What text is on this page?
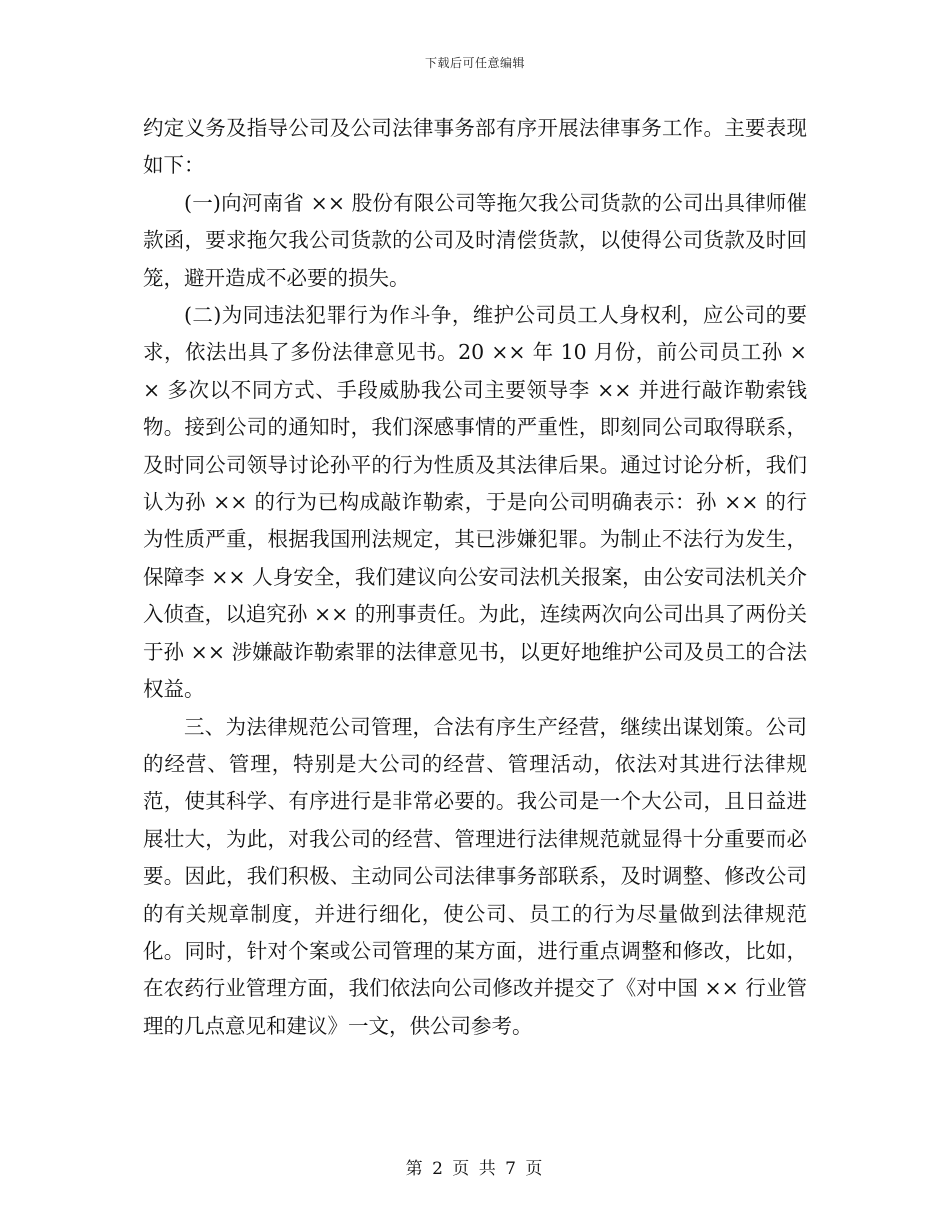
下载后可任意编辑

约定义务及指导公司及公司法律事务部有序开展法律事务工作。主要表现如下：

(一)向河南省 ×× 股份有限公司等拖欠我公司货款的公司出具律师催款函，要求拖欠我公司货款的公司及时清偿货款，以使得公司货款及时回笼，避开造成不必要的损失。

(二)为同违法犯罪行为作斗争，维护公司员工人身权利，应公司的要求，依法出具了多份法律意见书。20 ×× 年 10 月份，前公司员工孙 ×× 多次以不同方式、手段威胁我公司主要领导李 ×× 并进行敲诈勒索钱物。接到公司的通知时，我们深感事情的严重性，即刻同公司取得联系，及时同公司领导讨论孙平的行为性质及其法律后果。通过讨论分析，我们认为孙 ×× 的行为已构成敲诈勒索，于是向公司明确表示：孙 ×× 的行为性质严重，根据我国刑法规定，其已涉嫌犯罪。为制止不法行为发生，保障李 ×× 人身安全，我们建议向公安司法机关报案，由公安司法机关介入侦查，以追究孙 ×× 的刑事责任。为此，连续两次向公司出具了两份关于孙 ×× 涉嫌敲诈勒索罪的法律意见书，以更好地维护公司及员工的合法权益。

三、为法律规范公司管理，合法有序生产经营，继续出谋划策。公司的经营、管理，特别是大公司的经营、管理活动，依法对其进行法律规范，使其科学、有序进行是非常必要的。我公司是一个大公司，且日益进展壮大，为此，对我公司的经营、管理进行法律规范就显得十分重要而必要。因此，我们积极、主动同公司法律事务部联系，及时调整、修改公司的有关规章制度，并进行细化，使公司、员工的行为尽量做到法律规范化。同时，针对个案或公司管理的某方面，进行重点调整和修改，比如，在农药行业管理方面，我们依法向公司修改并提交了《对中国 ×× 行业管理的几点意见和建议》一文，供公司参考。

第 2 页 共 7 页
